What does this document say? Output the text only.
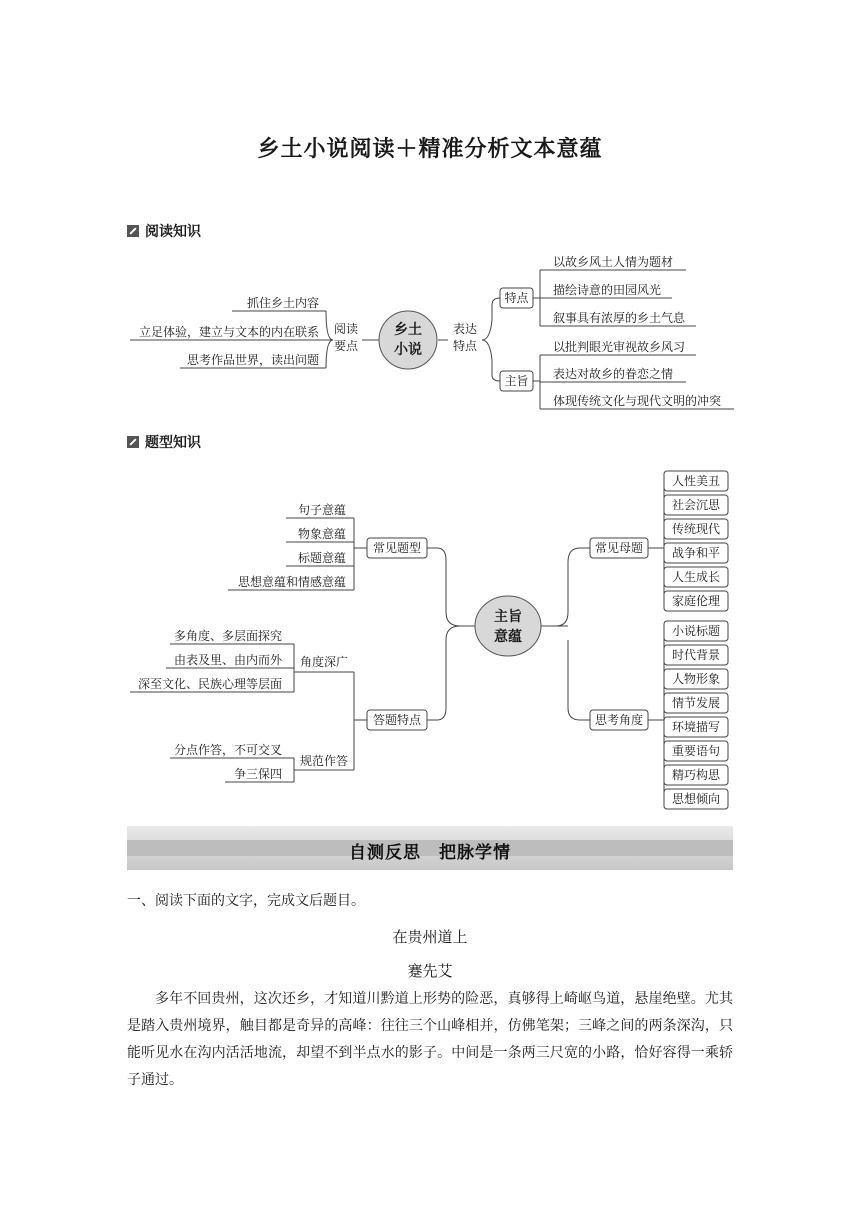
乡土小说阅读＋精准分析文本意蕴
阅读知识
乡土
小说
阅读
要点
抓住乡土内容
立足体验，建立与文本的内在联系
思考作品世界，读出问题
表达
特点
特点
主旨
以故乡风土人情为题材
描绘诗意的田园风光
叙事具有浓厚的乡土气息
以批判眼光审视故乡风习
表达对故乡的眷恋之情
体现传统文化与现代文明的冲突
题型知识
主旨
意蕴
常见题型
答题特点
句子意蕴
物象意蕴
标题意蕴
思想意蕴和情感意蕴
角度深广
规范作答
多角度、多层面探究
由表及里、由内而外
深至文化、民族心理等层面
分点作答，不可交叉
争三保四
常见母题
思考角度
人性美丑
社会沉思
传统现代
战争和平
人生成长
家庭伦理
小说标题
时代背景
人物形象
情节发展
环境描写
重要语句
精巧构思
思想倾向
自测反思　把脉学情
一、阅读下面的文字，完成文后题目。
在贵州道上
蹇先艾

多年不回贵州，这次还乡，才知道川黔道上形势的险恶，真够得上崎岖鸟道，悬崖绝壁。尤其是踏入贵州境界，触目都是奇异的高峰：往往三个山峰相并，仿佛笔架；三峰之间的两条深沟，只能听见水在沟内活活地流，却望不到半点水的影子。中间是一条两三尺宽的小路，恰好容得一乘轿子通过。
